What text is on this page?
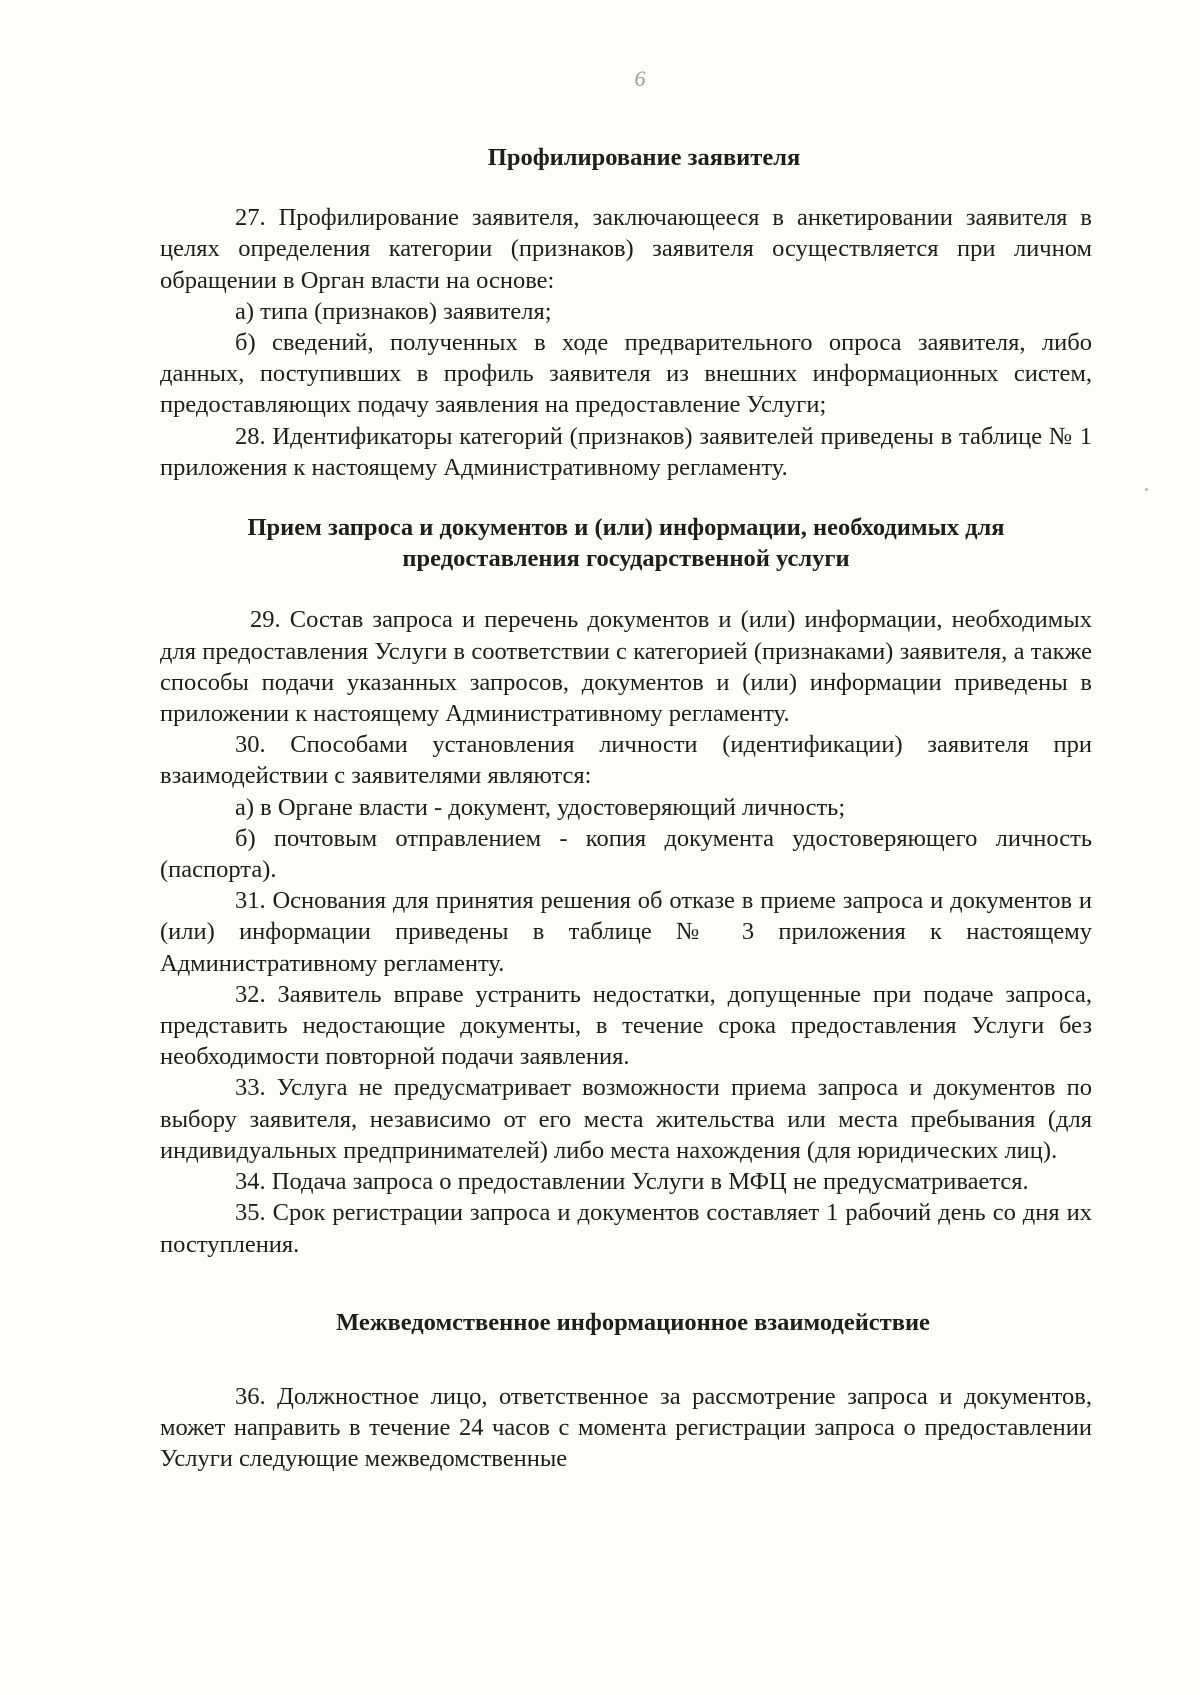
6
Профилирование заявителя

27. Профилирование заявителя, заключающееся в анкетировании заявителя в целях определения категории (признаков) заявителя осуществляется при личном обращении в Орган власти на основе:

а) типа (признаков) заявителя;

б) сведений, полученных в ходе предварительного опроса заявителя, либо данных, поступивших в профиль заявителя из внешних информационных систем, предоставляющих подачу заявления на предоставление Услуги;

28. Идентификаторы категорий (признаков) заявителей приведены в таблице № 1 приложения к настоящему Административному регламенту.

Прием запроса и документов и (или) информации, необходимых для
предоставления государственной услуги

29. Состав запроса и перечень документов и (или) информации, необходимых для предоставления Услуги в соответствии с категорией (признаками) заявителя, а также способы подачи указанных запросов, документов и (или) информации приведены в приложении к настоящему Административному регламенту.

30. Способами установления личности (идентификации) заявителя при взаимодействии с заявителями являются:

а) в Органе власти - документ, удостоверяющий личность;

б) почтовым отправлением - копия документа удостоверяющего личность (паспорта).

31. Основания для принятия решения об отказе в приеме запроса и документов и (или) информации приведены в таблице № 3 приложения к настоящему Административному регламенту.

32. Заявитель вправе устранить недостатки, допущенные при подаче запроса, представить недостающие документы, в течение срока предоставления Услуги без необходимости повторной подачи заявления.

33. Услуга не предусматривает возможности приема запроса и документов по выбору заявителя, независимо от его места жительства или места пребывания (для индивидуальных предпринимателей) либо места нахождения (для юридических лиц).

34. Подача запроса о предоставлении Услуги в МФЦ не предусматривается.

35. Срок регистрации запроса и документов составляет 1 рабочий день со дня их поступления.

Межведомственное информационное взаимодействие

36. Должностное лицо, ответственное за рассмотрение запроса и документов, может направить в течение 24 часов с момента регистрации запроса о предоставлении Услуги следующие межведомственные
